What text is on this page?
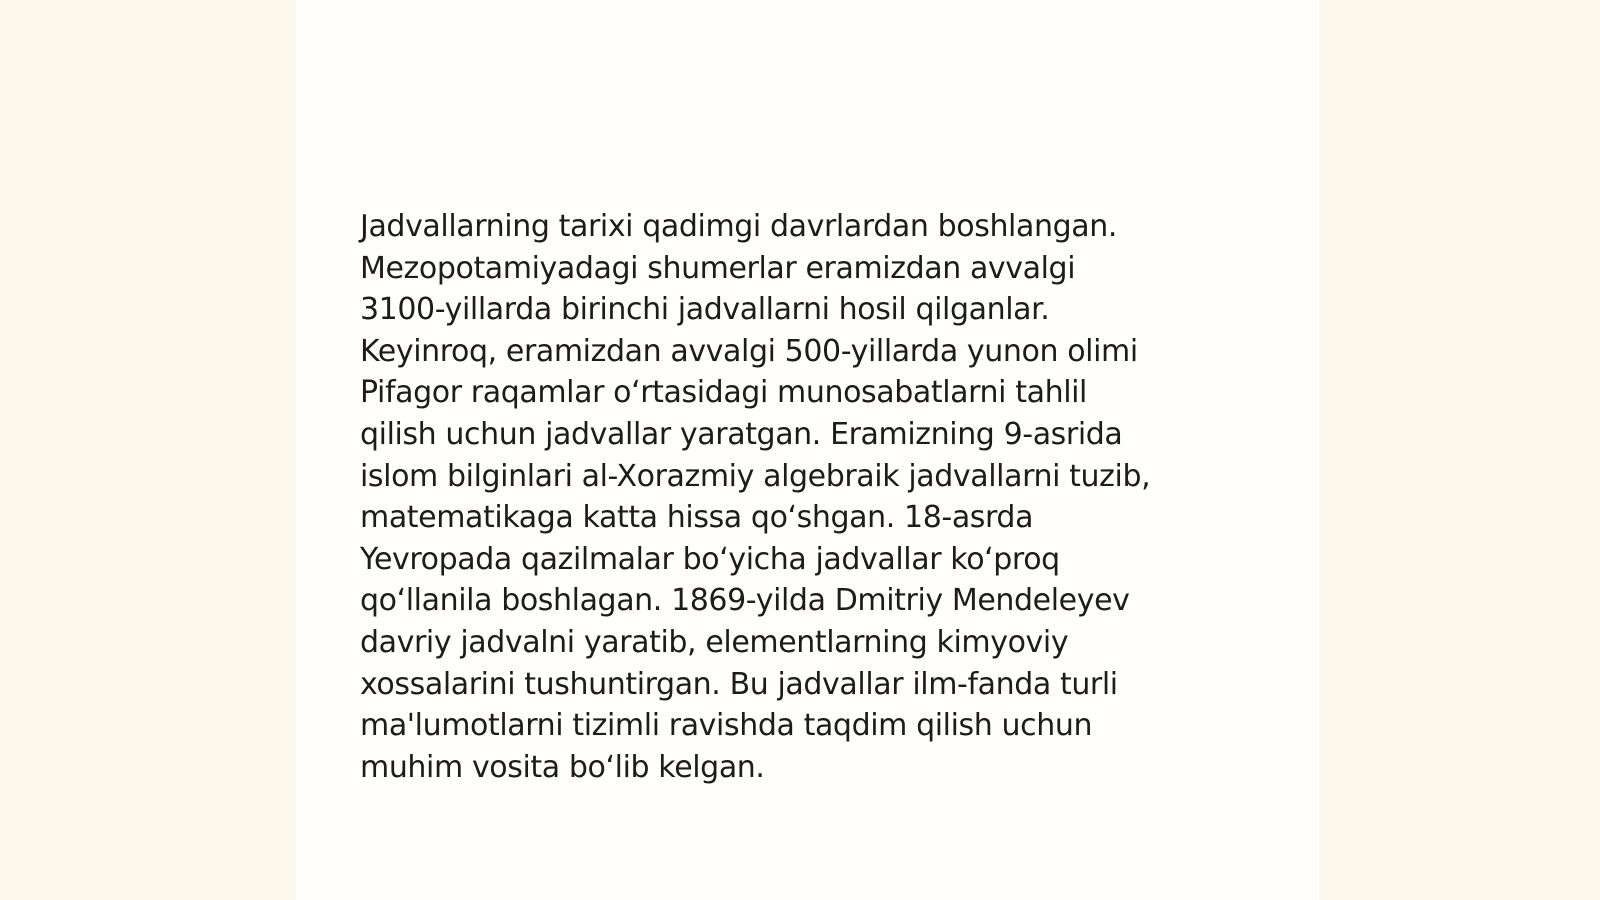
Jadvallarning tarixi qadimgi davrlardan boshlangan.
Mezopotamiyadagi shumerlar eramizdan avvalgi
3100-yillarda birinchi jadvallarni hosil qilganlar.
Keyinroq, eramizdan avvalgi 500-yillarda yunon olimi
Pifagor raqamlar oʻrtasidagi munosabatlarni tahlil
qilish uchun jadvallar yaratgan. Eramizning 9-asrida
islom bilginlari al-Xorazmiy algebraik jadvallarni tuzib,
matematikaga katta hissa qoʻshgan. 18-asrda
Yevropada qazilmalar boʻyicha jadvallar koʻproq
qoʻllanila boshlagan. 1869-yilda Dmitriy Mendeleyev
davriy jadvalni yaratib, elementlarning kimyoviy
xossalarini tushuntirgan. Bu jadvallar ilm-fanda turli
ma'lumotlarni tizimli ravishda taqdim qilish uchun
muhim vosita boʻlib kelgan.
